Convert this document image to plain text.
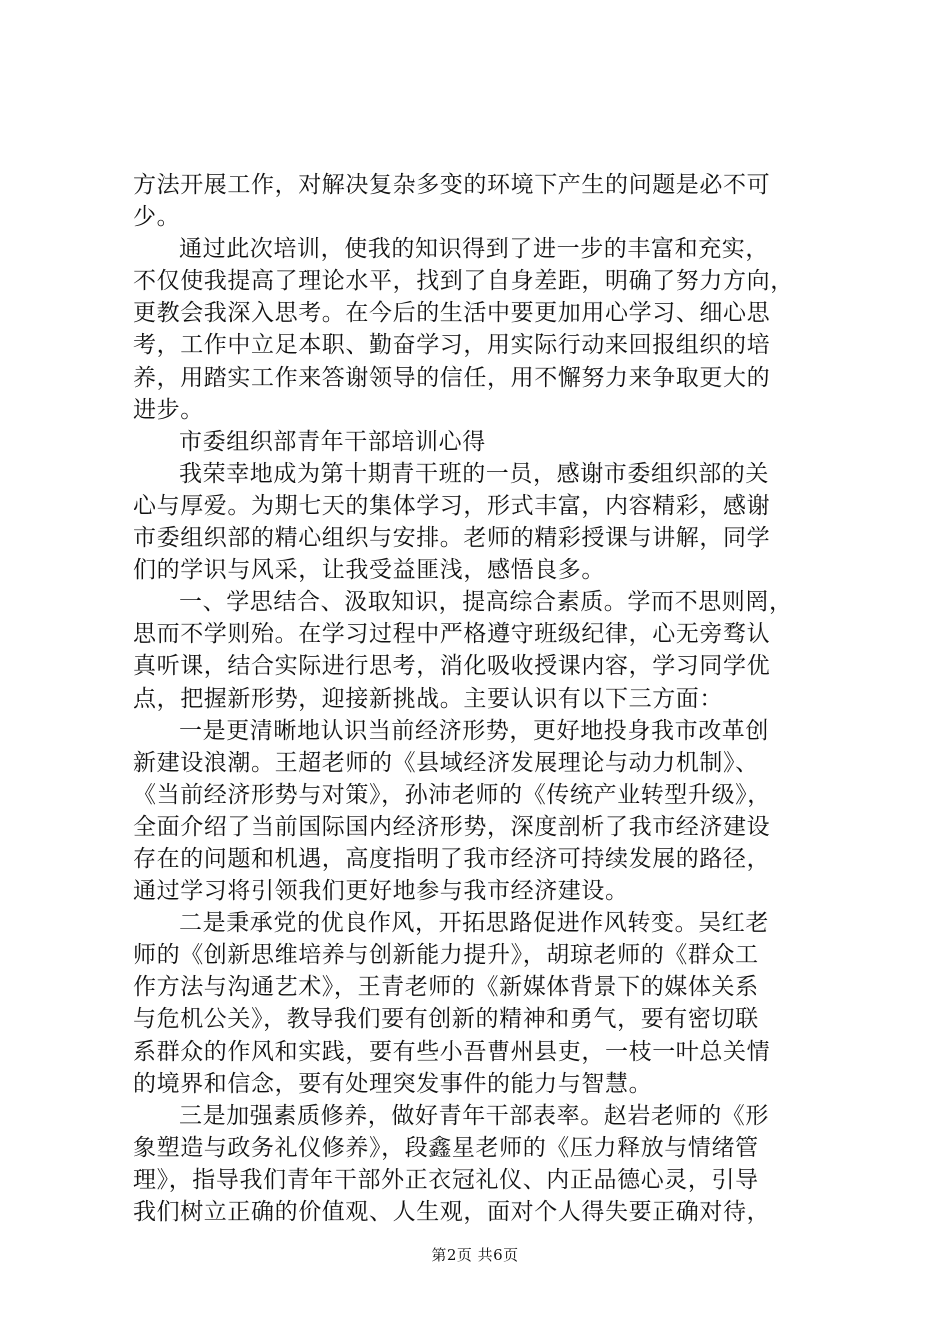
方法开展工作，对解决复杂多变的环境下产生的问题是必不可
少。
通过此次培训，使我的知识得到了进一步的丰富和充实，
不仅使我提高了理论水平，找到了自身差距，明确了努力方向，
更教会我深入思考。在今后的生活中要更加用心学习、细心思
考，工作中立足本职、勤奋学习，用实际行动来回报组织的培
养，用踏实工作来答谢领导的信任，用不懈努力来争取更大的
进步。
市委组织部青年干部培训心得
我荣幸地成为第十期青干班的一员，感谢市委组织部的关
心与厚爱。为期七天的集体学习，形式丰富，内容精彩，感谢
市委组织部的精心组织与安排。老师的精彩授课与讲解，同学
们的学识与风采，让我受益匪浅，感悟良多。
一、学思结合、汲取知识，提高综合素质。学而不思则罔，
思而不学则殆。在学习过程中严格遵守班级纪律，心无旁骛认
真听课，结合实际进行思考，消化吸收授课内容，学习同学优
点，把握新形势，迎接新挑战。主要认识有以下三方面：
一是更清晰地认识当前经济形势，更好地投身我市改革创
新建设浪潮。王超老师的《县域经济发展理论与动力机制》、
《当前经济形势与对策》，孙沛老师的《传统产业转型升级》，
全面介绍了当前国际国内经济形势，深度剖析了我市经济建设
存在的问题和机遇，高度指明了我市经济可持续发展的路径，
通过学习将引领我们更好地参与我市经济建设。
二是秉承党的优良作风，开拓思路促进作风转变。吴红老
师的《创新思维培养与创新能力提升》，胡琼老师的《群众工
作方法与沟通艺术》，王青老师的《新媒体背景下的媒体关系
与危机公关》，教导我们要有创新的精神和勇气，要有密切联
系群众的作风和实践，要有些小吾曹州县吏，一枝一叶总关情
的境界和信念，要有处理突发事件的能力与智慧。
三是加强素质修养，做好青年干部表率。赵岩老师的《形
象塑造与政务礼仪修养》，段鑫星老师的《压力释放与情绪管
理》，指导我们青年干部外正衣冠礼仪、内正品德心灵，引导
我们树立正确的价值观、人生观，面对个人得失要正确对待，
第2页 共6页
